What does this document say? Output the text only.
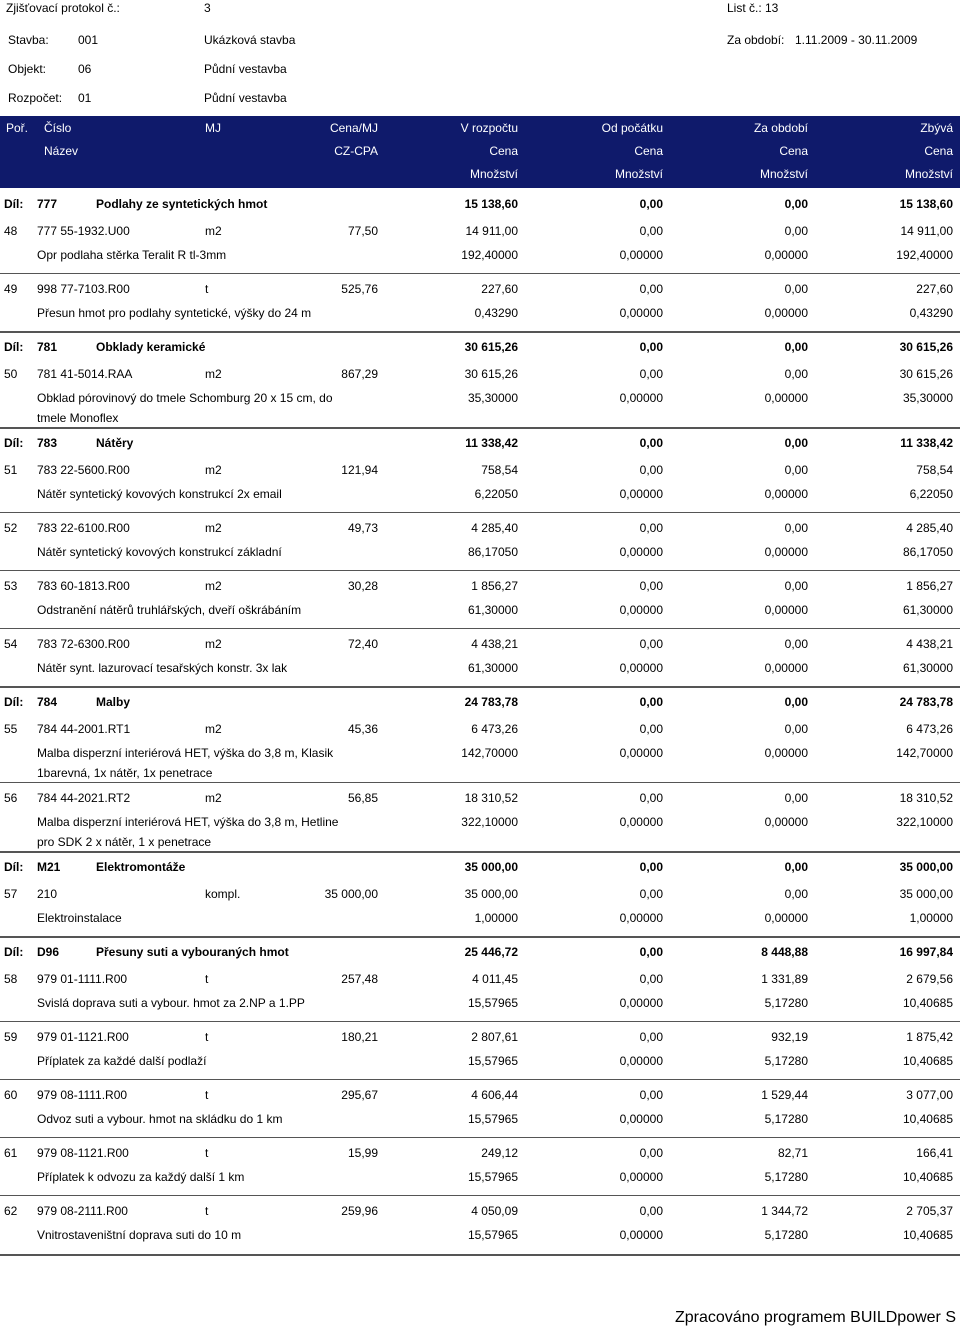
Zjišťovací protokol č.:	3	List č.: 13
Stavba: 001	Ukázková stavba	Za období: 1.11.2009 - 30.11.2009
Objekt:	06	Půdní vestavba
Rozpočet: 01	Půdní vestavba
Poř. Číslo	MJ	Cena/MJ	V rozpočtu	Od počátku	Za období	Zbývá
Název	CZ-CPA	Cena	Cena	Cena	Cena
Množství	Množství	Množství	Množství
Díl: 777	Podlahy ze syntetických hmot	15 138,60	0,00	0,00	15 138,60
48 777 55-1932.U00	m2	77,50	14 911,00	0,00	0,00	14 911,00
Opr podlaha stěrka Teralit R tl-3mm	192,40000	0,00000	0,00000	192,40000
49 998 77-7103.R00	t	525,76	227,60	0,00	0,00	227,60
Přesun hmot pro podlahy syntetické, výšky do 24 m	0,43290	0,00000	0,00000	0,43290
Díl: 781	Obklady keramické	30 615,26	0,00	0,00	30 615,26
50 781 41-5014.RAA	m2	867,29	30 615,26	0,00	0,00	30 615,26
Obklad pórovinový do tmele Schomburg 20 x 15 cm, do tmele Monoflex
35,30000	0,00000	0,00000	35,30000
Díl: 783	Nátěry	11 338,42	0,00	0,00	11 338,42
51 783 22-5600.R00	m2	121,94	758,54	0,00	0,00	758,54
Nátěr syntetický kovových konstrukcí 2x email	6,22050	0,00000	0,00000	6,22050
52 783 22-6100.R00	m2	49,73	4 285,40	0,00	0,00	4 285,40
Nátěr syntetický kovových konstrukcí základní	86,17050	0,00000	0,00000	86,17050
53 783 60-1813.R00	m2	30,28	1 856,27	0,00	0,00	1 856,27
Odstranění nátěrů truhlářských, dveří oškrábáním	61,30000	0,00000	0,00000	61,30000
54 783 72-6300.R00	m2	72,40	4 438,21	0,00	0,00	4 438,21
Nátěr synt. lazurovací tesařských konstr. 3x lak	61,30000	0,00000	0,00000	61,30000
Díl: 784	Malby	24 783,78	0,00	0,00	24 783,78
55 784 44-2001.RT1	m2	45,36	6 473,26	0,00	0,00	6 473,26
Malba disperzní interiérová HET, výška do 3,8 m, Klasik 1barevná, 1x nátěr, 1x penetrace
142,70000	0,00000	0,00000	142,70000
56 784 44-2021.RT2	m2	56,85	18 310,52	0,00	0,00	18 310,52
Malba disperzní interiérová HET, výška do 3,8 m, Hetline pro SDK 2 x nátěr, 1 x penetrace
322,10000	0,00000	0,00000	322,10000
Díl: M21	Elektromontáže	35 000,00	0,00	0,00	35 000,00
57 210	kompl.	35 000,00	35 000,00	0,00	0,00	35 000,00
Elektroinstalace	1,00000	0,00000	0,00000	1,00000
Díl: D96	Přesuny suti a vybouraných hmot	25 446,72	0,00	8 448,88	16 997,84
58 979 01-1111.R00	t	257,48	4 011,45	0,00	1 331,89	2 679,56
Svislá doprava suti a vybour. hmot za 2.NP a 1.PP	15,57965	0,00000	5,17280	10,40685
59 979 01-1121.R00	t	180,21	2 807,61	0,00	932,19	1 875,42
Příplatek za každé další podlaží	15,57965	0,00000	5,17280	10,40685
60 979 08-1111.R00	t	295,67	4 606,44	0,00	1 529,44	3 077,00
Odvoz suti a vybour. hmot na skládku do 1 km	15,57965	0,00000	5,17280	10,40685
61 979 08-1121.R00	t	15,99	249,12	0,00	82,71	166,41
Příplatek k odvozu za každý další 1 km	15,57965	0,00000	5,17280	10,40685
62 979 08-2111.R00	t	259,96	4 050,09	0,00	1 344,72	2 705,37
Vnitrostaveništní doprava suti do 10 m	15,57965	0,00000	5,17280	10,40685
Zpracováno programem BUILDpower S
